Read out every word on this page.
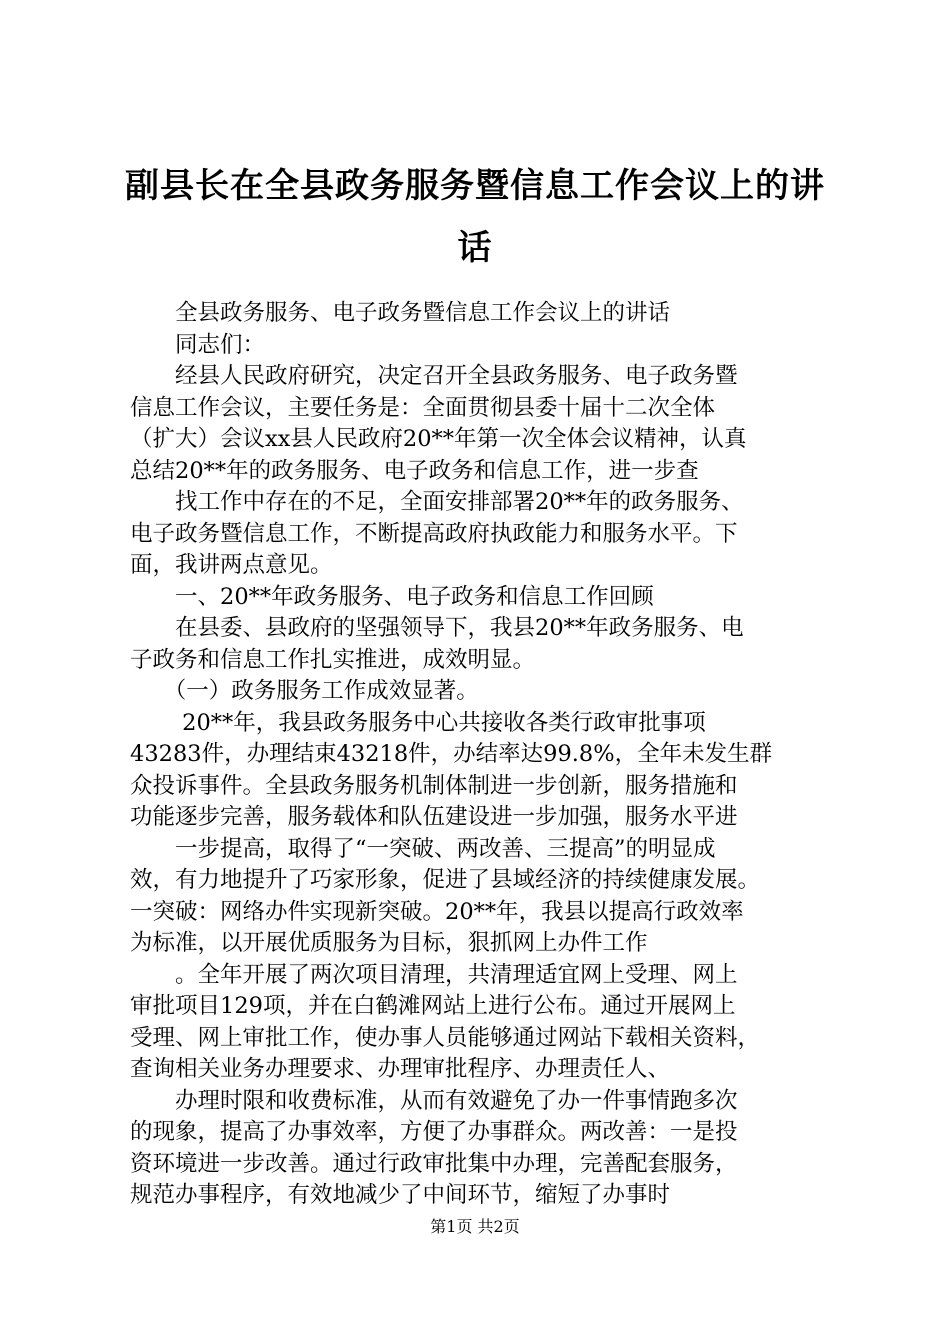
副县长在全县政务服务暨信息工作会议上的讲
话
　　全县政务服务、电子政务暨信息工作会议上的讲话
　　同志们：
　　经县人民政府研究，决定召开全县政务服务、电子政务暨
信息工作会议，主要任务是：全面贯彻县委十届十二次全体
（扩大）会议xx县人民政府20**年第一次全体会议精神，认真
总结20**年的政务服务、电子政务和信息工作，进一步查
　　找工作中存在的不足，全面安排部署20**年的政务服务、
电子政务暨信息工作，不断提高政府执政能力和服务水平。下
面，我讲两点意见。
　　一、20**年政务服务、电子政务和信息工作回顾
　　在县委、县政府的坚强领导下，我县20**年政务服务、电
子政务和信息工作扎实推进，成效明显。
　　（一）政务服务工作成效显著。
　　 20**年，我县政务服务中心共接收各类行政审批事项
43283件，办理结束43218件，办结率达99.8%，全年未发生群
众投诉事件。全县政务服务机制体制进一步创新，服务措施和
功能逐步完善，服务载体和队伍建设进一步加强，服务水平进
　　一步提高，取得了“一突破、两改善、三提高”的明显成
效，有力地提升了巧家形象，促进了县域经济的持续健康发展。
一突破：网络办件实现新突破。20**年，我县以提高行政效率
为标准，以开展优质服务为目标，狠抓网上办件工作
　　。全年开展了两次项目清理，共清理适宜网上受理、网上
审批项目129项，并在白鹤滩网站上进行公布。通过开展网上
受理、网上审批工作，使办事人员能够通过网站下载相关资料，
查询相关业务办理要求、办理审批程序、办理责任人、
　　办理时限和收费标准，从而有效避免了办一件事情跑多次
的现象，提高了办事效率，方便了办事群众。两改善：一是投
资环境进一步改善。通过行政审批集中办理，完善配套服务，
规范办事程序，有效地减少了中间环节，缩短了办事时
第1页 共2页
